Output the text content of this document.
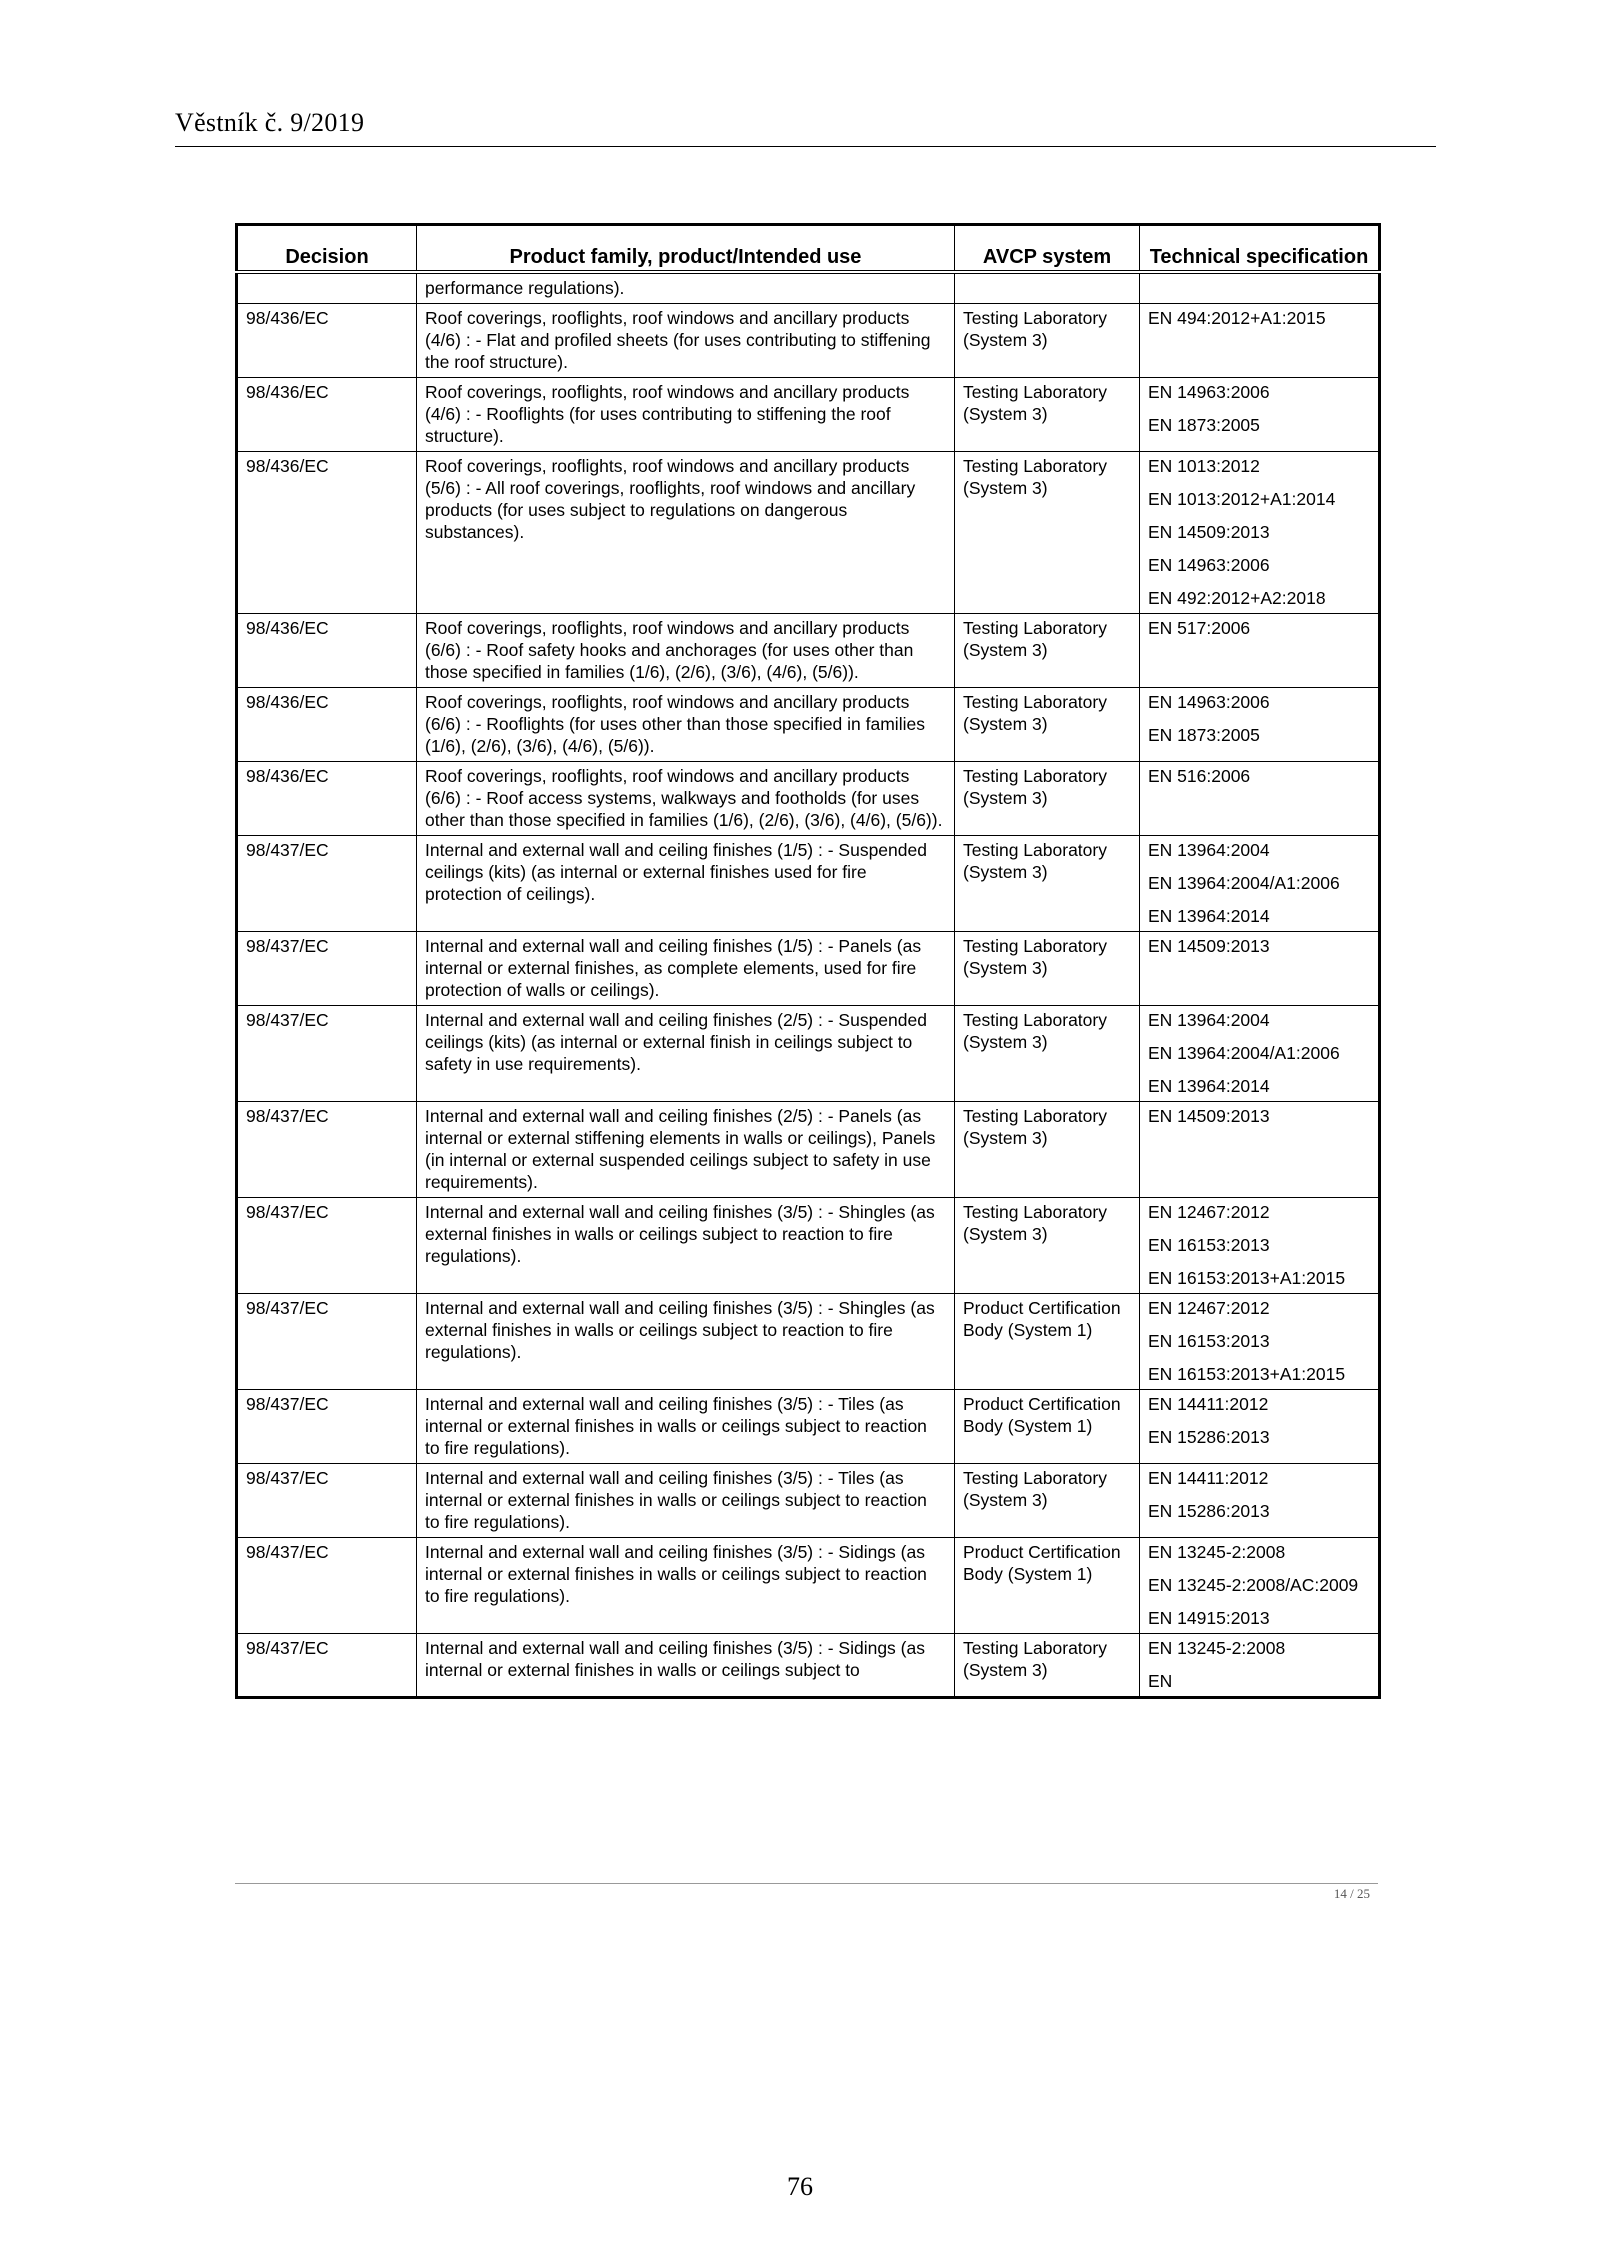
Věstník č. 9/2019
Decision	Product family, product/Intended use	AVCP system	Technical specification
	performance regulations).		
98/436/EC	Roof coverings, rooflights, roof windows and ancillary products (4/6) : - Flat and profiled sheets (for uses contributing to stiffening the roof structure).	Testing Laboratory (System 3)	EN 494:2012+A1:2015

98/436/EC	Roof coverings, rooflights, roof windows and ancillary products (4/6) : - Rooflights (for uses contributing to stiffening the roof structure).	Testing Laboratory (System 3)	EN 14963:2006
EN 1873:2005

98/436/EC	Roof coverings, rooflights, roof windows and ancillary products (5/6) : - All roof coverings, rooflights, roof windows and ancillary products (for uses subject to regulations on dangerous substances).	Testing Laboratory (System 3)	EN 1013:2012
EN 1013:2012+A1:2014
EN 14509:2013
EN 14963:2006
EN 492:2012+A2:2018

98/436/EC	Roof coverings, rooflights, roof windows and ancillary products (6/6) : - Roof safety hooks and anchorages (for uses other than those specified in families (1/6), (2/6), (3/6), (4/6), (5/6)).	Testing Laboratory (System 3)	EN 517:2006

98/436/EC	Roof coverings, rooflights, roof windows and ancillary products (6/6) : - Rooflights (for uses other than those specified in families (1/6), (2/6), (3/6), (4/6), (5/6)).	Testing Laboratory (System 3)	EN 14963:2006
EN 1873:2005

98/436/EC	Roof coverings, rooflights, roof windows and ancillary products (6/6) : - Roof access systems, walkways and footholds (for uses other than those specified in families (1/6), (2/6), (3/6), (4/6), (5/6)).	Testing Laboratory (System 3)	EN 516:2006

98/437/EC	Internal and external wall and ceiling finishes (1/5) : - Suspended ceilings (kits) (as internal or external finishes used for fire protection of ceilings).	Testing Laboratory (System 3)	EN 13964:2004
EN 13964:2004/A1:2006
EN 13964:2014

98/437/EC	Internal and external wall and ceiling finishes (1/5) : - Panels (as internal or external finishes, as complete elements, used for fire protection of walls or ceilings).	Testing Laboratory (System 3)	EN 14509:2013

98/437/EC	Internal and external wall and ceiling finishes (2/5) : - Suspended ceilings (kits) (as internal or external finish in ceilings subject to safety in use requirements).	Testing Laboratory (System 3)	EN 13964:2004
EN 13964:2004/A1:2006
EN 13964:2014

98/437/EC	Internal and external wall and ceiling finishes (2/5) : - Panels (as internal or external stiffening elements in walls or ceilings), Panels (in internal or external suspended ceilings subject to safety in use requirements).	Testing Laboratory (System 3)	EN 14509:2013

98/437/EC	Internal and external wall and ceiling finishes (3/5) : - Shingles (as external finishes in walls or ceilings subject to reaction to fire regulations).	Testing Laboratory (System 3)	EN 12467:2012
EN 16153:2013
EN 16153:2013+A1:2015

98/437/EC	Internal and external wall and ceiling finishes (3/5) : - Shingles (as external finishes in walls or ceilings subject to reaction to fire regulations).	Product Certification Body (System 1)	EN 12467:2012
EN 16153:2013
EN 16153:2013+A1:2015

98/437/EC	Internal and external wall and ceiling finishes (3/5) : - Tiles (as internal or external finishes in walls or ceilings subject to reaction to fire regulations).	Product Certification Body (System 1)	EN 14411:2012
EN 15286:2013

98/437/EC	Internal and external wall and ceiling finishes (3/5) : - Tiles (as internal or external finishes in walls or ceilings subject to reaction to fire regulations).	Testing Laboratory (System 3)	EN 14411:2012
EN 15286:2013

98/437/EC	Internal and external wall and ceiling finishes (3/5) : - Sidings (as internal or external finishes in walls or ceilings subject to reaction to fire regulations).	Product Certification Body (System 1)	EN 13245-2:2008
EN 13245-2:2008/AC:2009
EN 14915:2013

98/437/EC	Internal and external wall and ceiling finishes (3/5) : - Sidings (as internal or external finishes in walls or ceilings subject to	Testing Laboratory (System 3)	EN 13245-2:2008
EN
14 / 25
76
